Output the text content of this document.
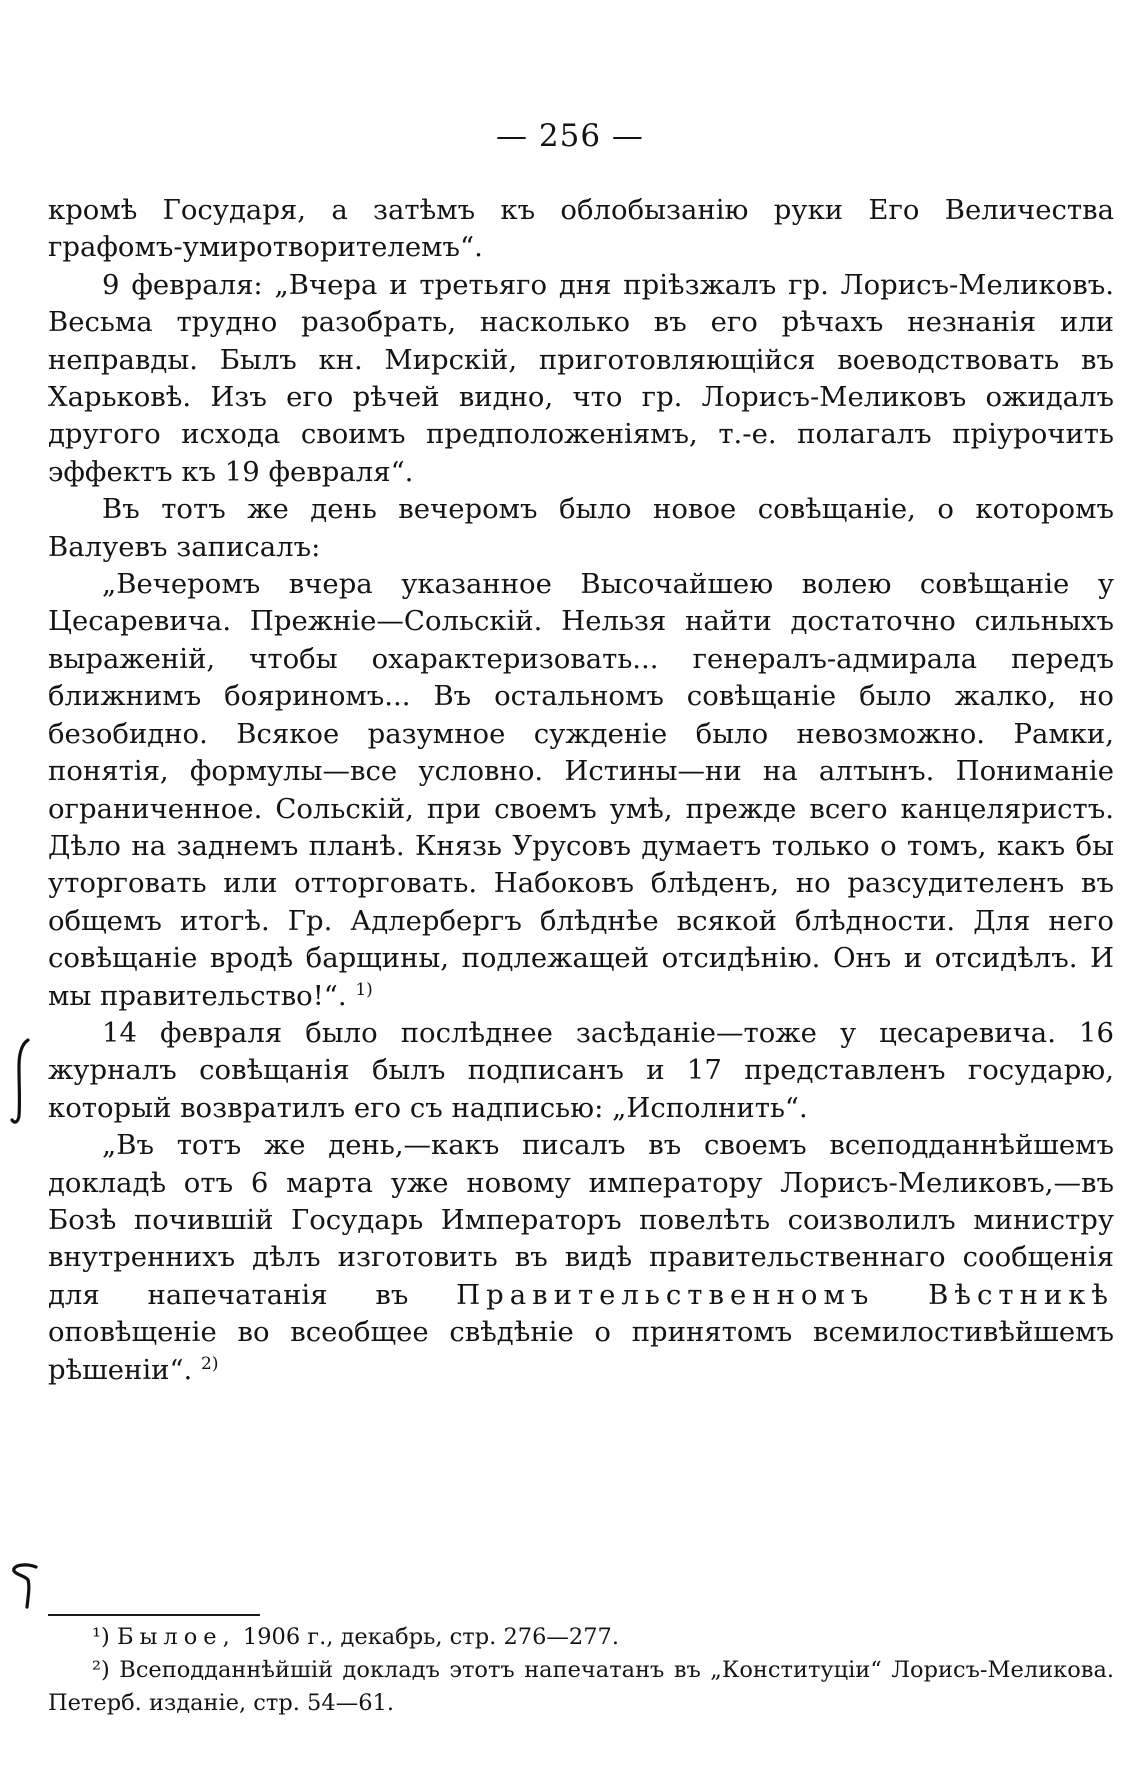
— 256 —

кромѣ Государя, а затѣмъ къ облобызанію руки Его Величества графомъ-умиротворителемъ“.

9 февраля: „Вчера и третьяго дня пріѣзжалъ гр. Лорисъ-Меликовъ. Весьма трудно разобрать, насколько въ его рѣчахъ незнанія или неправды. Былъ кн. Мирскій, приготовляющійся воеводствовать въ Харьковѣ. Изъ его рѣчей видно, что гр. Лорисъ-Меликовъ ожидалъ другого исхода своимъ предположеніямъ, т.-е. полагалъ пріурочить эффектъ къ 19 февраля“.

Въ тотъ же день вечеромъ было новое совѣщаніе, о которомъ Валуевъ записалъ:

„Вечеромъ вчера указанное Высочайшею волею совѣщаніе у Цесаревича. Прежніе—Сольскій. Нельзя найти достаточно сильныхъ выраженій, чтобы охарактеризовать... генералъ-адмирала передъ ближнимъ бояриномъ... Въ остальномъ совѣщаніе было жалко, но безобидно. Всякое разумное сужденіе было невозможно. Рамки, понятія, формулы—все условно. Истины—ни на алтынъ. Пониманіе ограниченное. Сольскій, при своемъ умѣ, прежде всего канцеляристъ. Дѣло на заднемъ планѣ. Князь Урусовъ думаетъ только о томъ, какъ бы уторговать или отторговать. Набоковъ блѣденъ, но разсудителенъ въ общемъ итогѣ. Гр. Адлербергъ блѣднѣе всякой блѣдности. Для него совѣщаніе вродѣ барщины, подлежащей отсидѣнію. Онъ и отсидѣлъ. И мы правительство!“. $^{1)}$

14 февраля было послѣднее засѣданіе—тоже у цесаревича. 16 журналъ совѣщанія былъ подписанъ и 17 представленъ государю, который возвратилъ его съ надписью: „Исполнить“.

„Въ тотъ же день,—какъ писалъ въ своемъ всеподданнѣйшемъ докладѣ отъ 6 марта уже новому императору Лорисъ-Меликовъ,—въ Бозѣ почившій Государь Императоръ повелѣть соизволилъ министру внутреннихъ дѣлъ изготовить въ видѣ правительственнаго сообщенія для напечатанія въ Правительственномъ Вѣстникѣ оповѣщеніе во всеобщее свѣдѣніе о принятомъ всемилостивѣйшемъ рѣшеніи“. $^{2)}$

¹) Былое, 1906 г., декабрь, стр. 276—277.

²) Всеподданнѣйшій докладъ этотъ напечатанъ въ „Конституціи“ Лорисъ-Меликова. Петерб. изданіе, стр. 54—61.
